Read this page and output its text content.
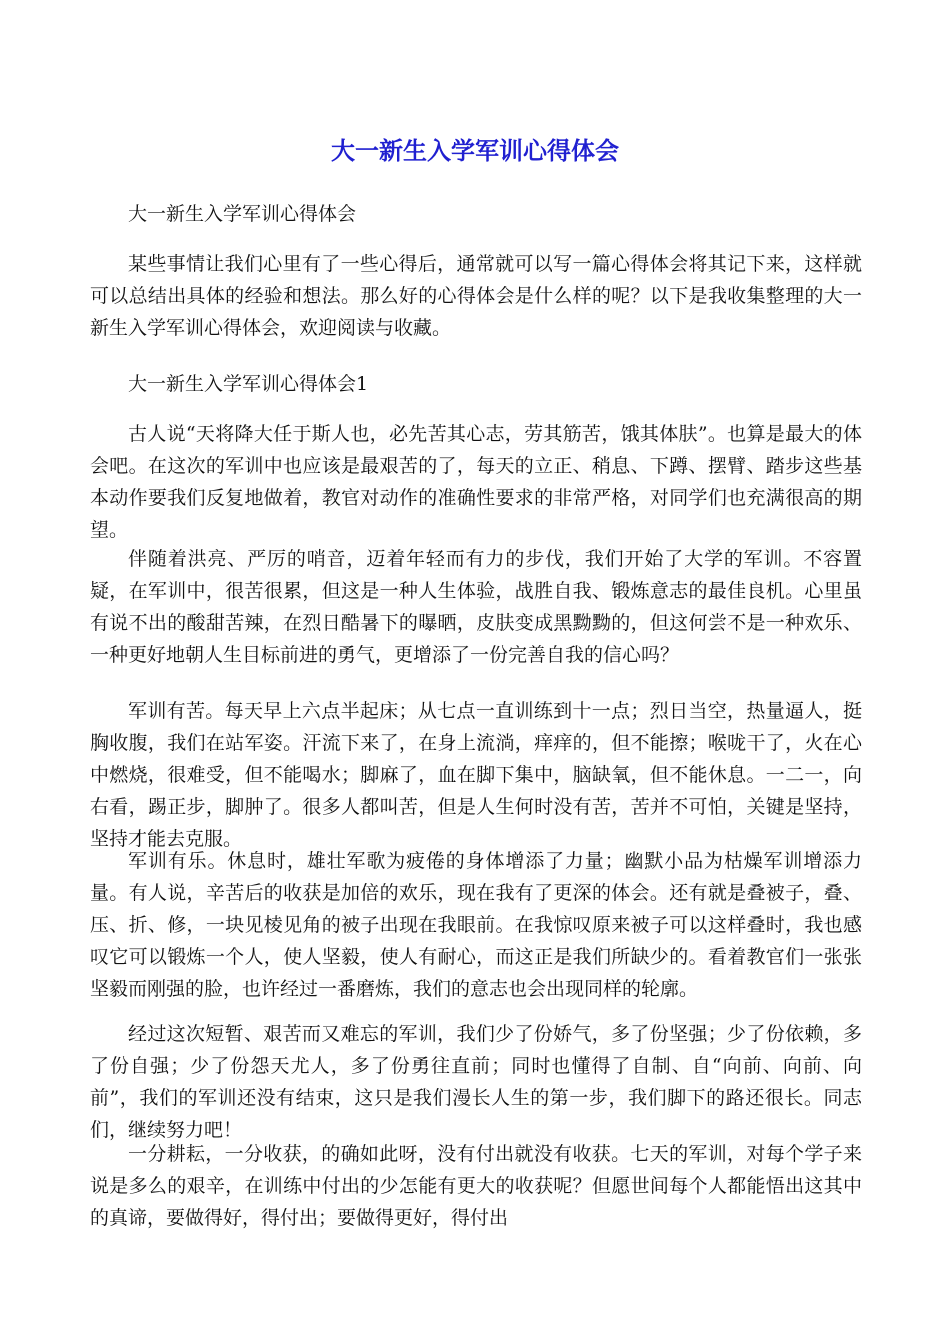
大一新生入学军训心得体会

大一新生入学军训心得体会

某些事情让我们心里有了一些心得后，通常就可以写一篇心得体会将其记下来，这样就可以总结出具体的经验和想法。那么好的心得体会是什么样的呢？以下是我收集整理的大一新生入学军训心得体会，欢迎阅读与收藏。

大一新生入学军训心得体会1

古人说“天将降大任于斯人也，必先苦其心志，劳其筋苦，饿其体肤”。也算是最大的体会吧。在这次的军训中也应该是最艰苦的了，每天的立正、稍息、下蹲、摆臂、踏步这些基本动作要我们反复地做着，教官对动作的准确性要求的非常严格，对同学们也充满很高的期望。

伴随着洪亮、严厉的哨音，迈着年轻而有力的步伐，我们开始了大学的军训。不容置疑，在军训中，很苦很累，但这是一种人生体验，战胜自我、锻炼意志的最佳良机。心里虽有说不出的酸甜苦辣，在烈日酷暑下的曝晒，皮肤变成黑黝黝的，但这何尝不是一种欢乐、一种更好地朝人生目标前进的勇气，更增添了一份完善自我的信心吗？

军训有苦。每天早上六点半起床；从七点一直训练到十一点；烈日当空，热量逼人，挺胸收腹，我们在站军姿。汗流下来了，在身上流淌，痒痒的，但不能擦；喉咙干了，火在心中燃烧，很难受，但不能喝水；脚麻了，血在脚下集中，脑缺氧，但不能休息。一二一，向右看，踢正步，脚肿了。很多人都叫苦，但是人生何时没有苦，苦并不可怕，关键是坚持，坚持才能去克服。

军训有乐。休息时，雄壮军歌为疲倦的身体增添了力量；幽默小品为枯燥军训增添力量。有人说，辛苦后的收获是加倍的欢乐，现在我有了更深的体会。还有就是叠被子，叠、压、折、修，一块见棱见角的被子出现在我眼前。在我惊叹原来被子可以这样叠时，我也感叹它可以锻炼一个人，使人坚毅，使人有耐心，而这正是我们所缺少的。看着教官们一张张坚毅而刚强的脸，也许经过一番磨炼，我们的意志也会出现同样的轮廓。

经过这次短暂、艰苦而又难忘的军训，我们少了份娇气，多了份坚强；少了份依赖，多了份自强；少了份怨天尤人，多了份勇往直前；同时也懂得了自制、自“向前、向前、向前”，我们的军训还没有结束，这只是我们漫长人生的第一步，我们脚下的路还很长。同志们，继续努力吧！

一分耕耘，一分收获，的确如此呀，没有付出就没有收获。七天的军训，对每个学子来说是多么的艰辛，在训练中付出的少怎能有更大的收获呢？但愿世间每个人都能悟出这其中的真谛，要做得好，得付出；要做得更好，得付出
